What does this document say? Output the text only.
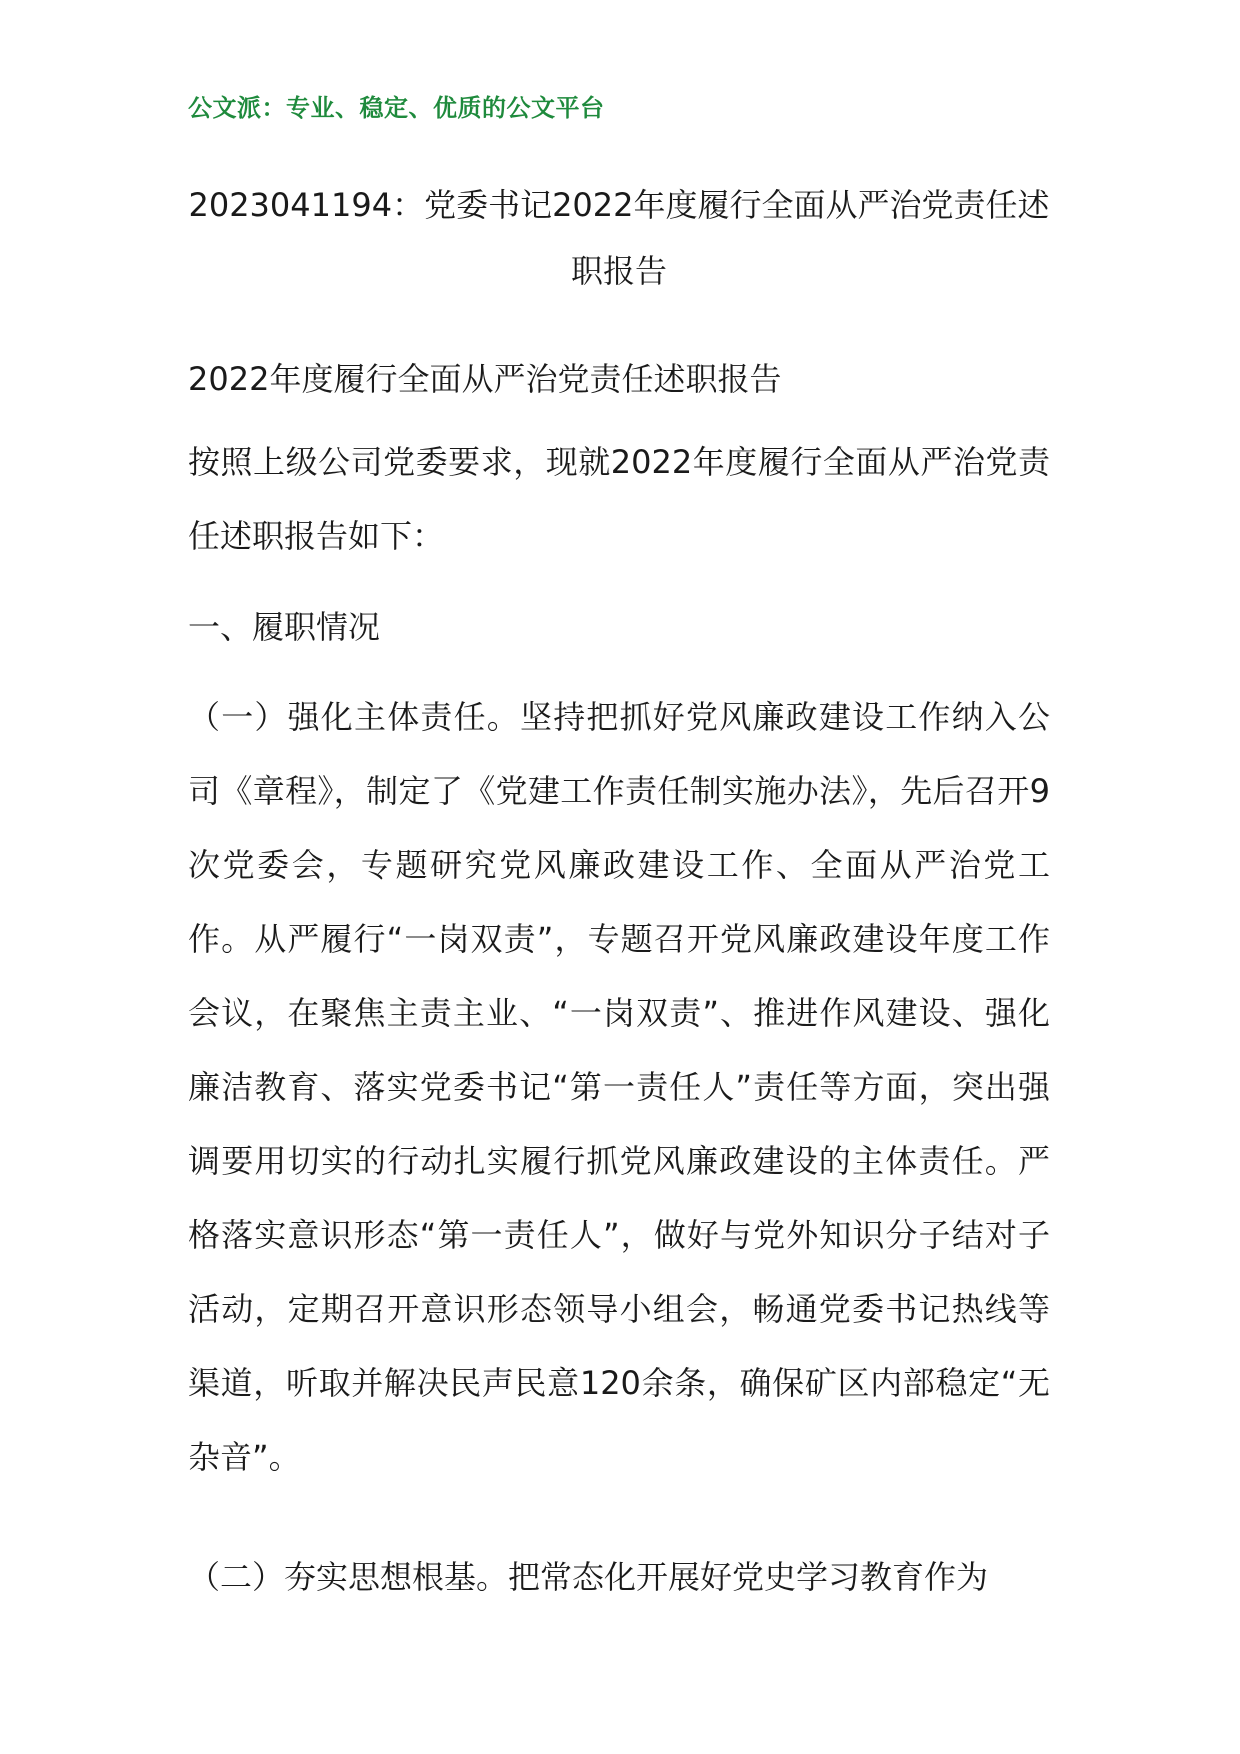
公文派：专业、稳定、优质的公文平台
2023041194：党委书记2022年度履行全面从严治党责任述职报告
2022年度履行全面从严治党责任述职报告
按照上级公司党委要求，现就2022年度履行全面从严治党责任述职报告如下：
一、履职情况
（一）强化主体责任。坚持把抓好党风廉政建设工作纳入公司《章程》，制定了《党建工作责任制实施办法》，先后召开9次党委会，专题研究党风廉政建设工作、全面从严治党工作。从严履行“一岗双责”，专题召开党风廉政建设年度工作会议，在聚焦主责主业、“一岗双责”、推进作风建设、强化廉洁教育、落实党委书记“第一责任人”责任等方面，突出强调要用切实的行动扎实履行抓党风廉政建设的主体责任。严格落实意识形态“第一责任人”，做好与党外知识分子结对子活动，定期召开意识形态领导小组会，畅通党委书记热线等渠道，听取并解决民声民意120余条，确保矿区内部稳定“无杂音”。
（二）夯实思想根基。把常态化开展好党史学习教育作为
